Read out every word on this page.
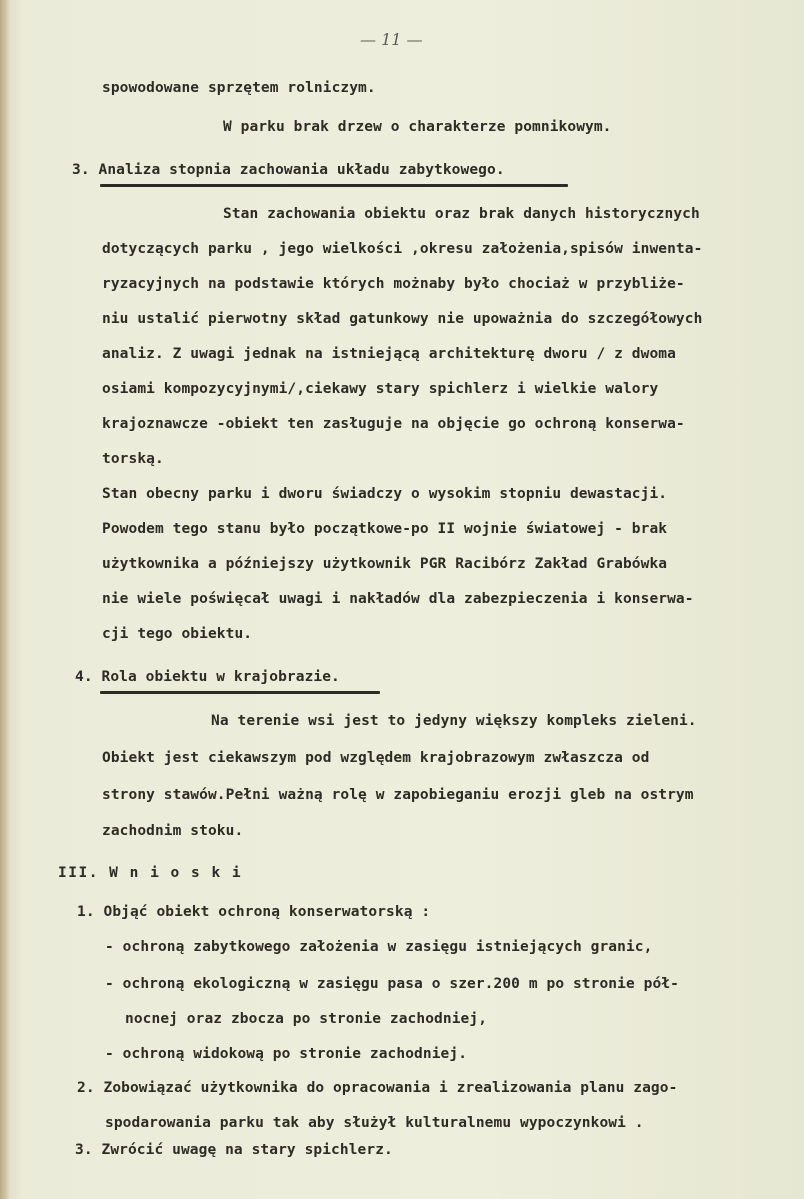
— 11 —
spowodowane sprzętem rolniczym.
W parku brak drzew o charakterze pomnikowym.
3. Analiza stopnia zachowania układu zabytkowego.
Stan zachowania obiektu oraz brak danych historycznych
dotyczących parku , jego wielkości ,okresu założenia,spisów inwenta-
ryzacyjnych na podstawie których możnaby było chociaż w przybliże-
niu ustalić pierwotny skład gatunkowy nie upoważnia do szczegółowych
analiz. Z uwagi jednak na istniejącą architekturę dworu / z dwoma
osiami kompozycyjnymi/,ciekawy stary spichlerz i wielkie walory
krajoznawcze -obiekt ten zasługuje na objęcie go ochroną konserwa-
torską.
Stan obecny parku i dworu świadczy o wysokim stopniu dewastacji.
Powodem tego stanu było początkowe-po II wojnie światowej - brak
użytkownika a późniejszy użytkownik PGR Racibórz Zakład Grabówka
nie wiele poświęcał uwagi i nakładów dla zabezpieczenia i konserwa-
cji tego obiektu.
4. Rola obiektu w krajobrazie.
Na terenie wsi jest to jedyny większy kompleks zieleni.
Obiekt jest ciekawszym pod względem krajobrazowym zwłaszcza od
strony stawów.Pełni ważną rolę w zapobieganiu erozji gleb na ostrym
zachodnim stoku.
III. W n i o s k i
1. Objąć obiekt ochroną konserwatorską :
- ochroną zabytkowego założenia w zasięgu istniejących granic,
- ochroną ekologiczną w zasięgu pasa o szer.200 m po stronie pół-
nocnej oraz zbocza po stronie zachodniej,
- ochroną widokową po stronie zachodniej.
2. Zobowiązać użytkownika do opracowania i zrealizowania planu zago-
spodarowania parku tak aby służył kulturalnemu wypoczynkowi .
3. Zwrócić uwagę na stary spichlerz.
